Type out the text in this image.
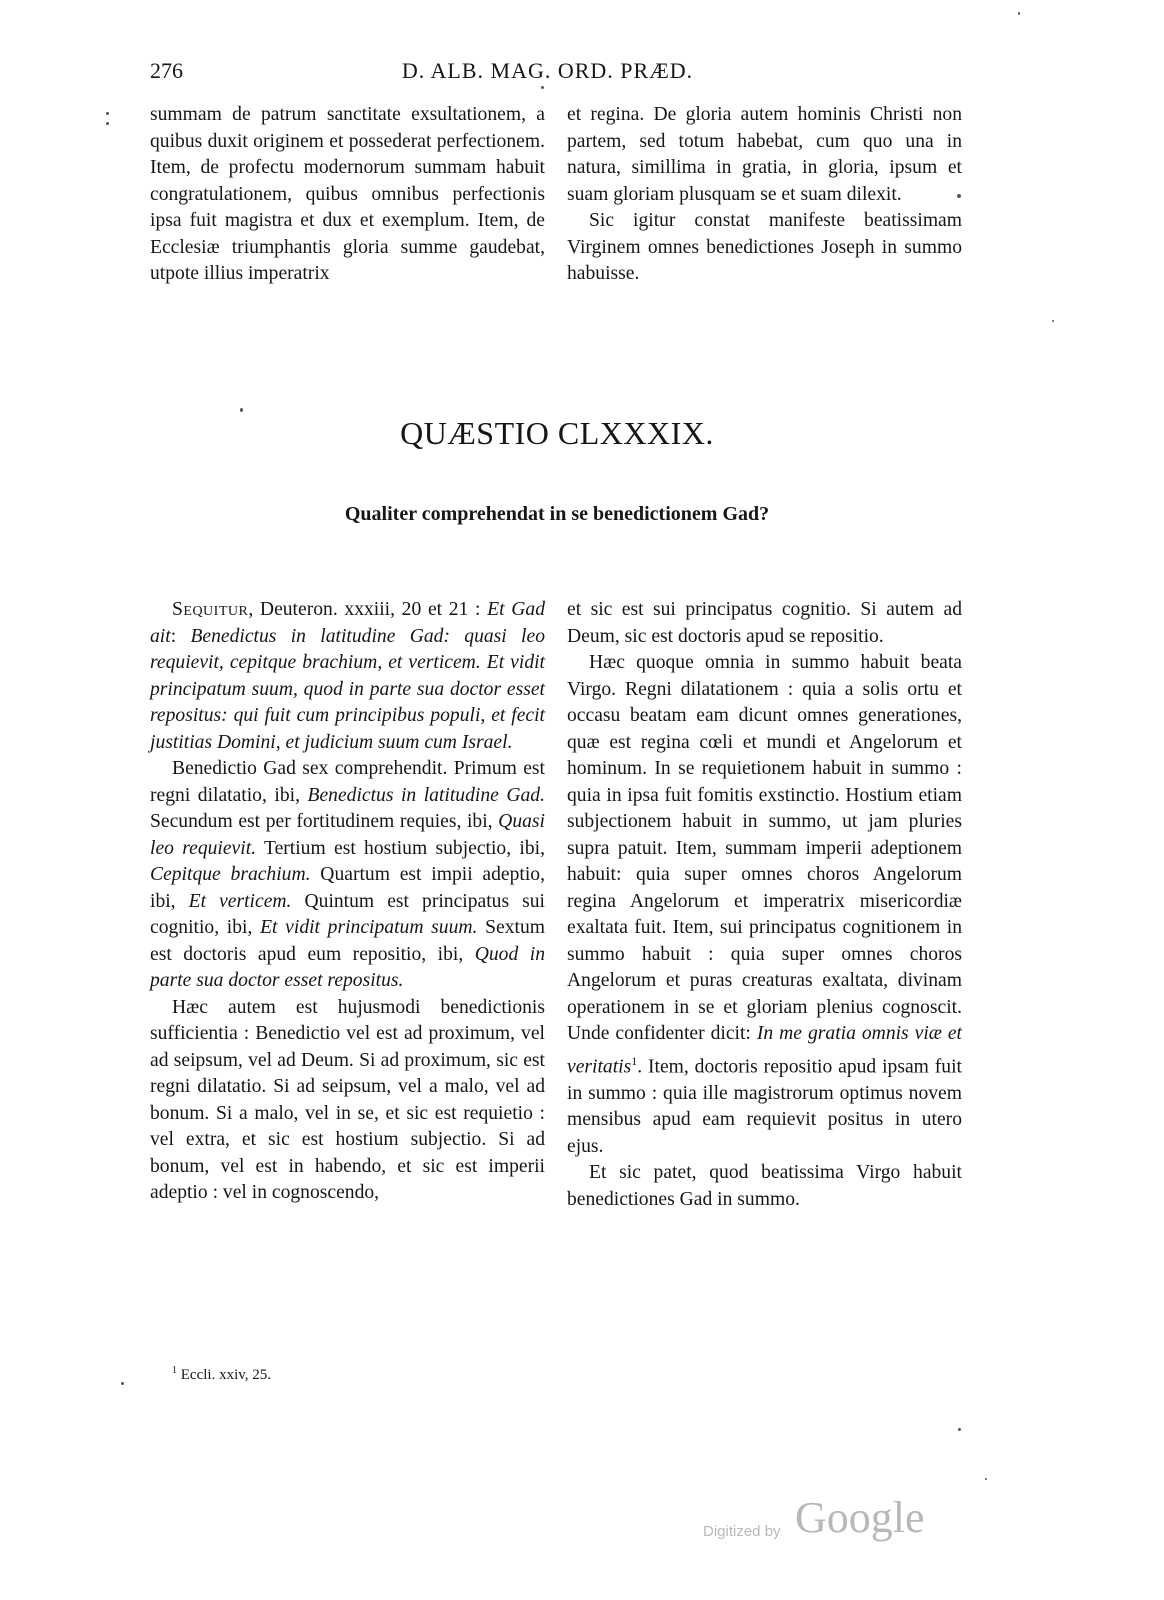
276	D. ALB. MAG. ORD. PRÆD.

summam de patrum sanctitate exsultationem, a quibus duxit originem et possederat perfectionem. Item, de profectu modernorum summam habuit congratulationem, quibus omnibus perfectionis ipsa fuit magistra et dux et exemplum. Item, de Ecclesiæ triumphantis gloria summe gaudebat, utpote illius imperatrix

et regina. De gloria autem hominis Christi non partem, sed totum habebat, cum quo una in natura, simillima in gratia, in gloria, ipsum et suam gloriam plusquam se et suam dilexit.

Sic igitur constat manifeste beatissimam Virginem omnes benedictiones Joseph in summo habuisse.

QUÆSTIO CLXXXIX.
Qualiter comprehendat in se benedictionem Gad?

Sequitur, Deuteron. xxxiii, 20 et 21 : Et Gad ait: Benedictus in latitudine Gad: quasi leo requievit, cepitque brachium, et verticem. Et vidit principatum suum, quod in parte sua doctor esset repositus: qui fuit cum principibus populi, et fecit justitias Domini, et judicium suum cum Israel.

Benedictio Gad sex comprehendit. Primum est regni dilatatio, ibi, Benedictus in latitudine Gad. Secundum est per fortitudinem requies, ibi, Quasi leo requievit. Tertium est hostium subjectio, ibi, Cepitque brachium. Quartum est impii adeptio, ibi, Et verticem. Quintum est principatus sui cognitio, ibi, Et vidit principatum suum. Sextum est doctoris apud eum repositio, ibi, Quod in parte sua doctor esset repositus.

Hæc autem est hujusmodi benedictionis sufficientia : Benedictio vel est ad proximum, vel ad seipsum, vel ad Deum. Si ad proximum, sic est regni dilatatio. Si ad seipsum, vel a malo, vel ad bonum. Si a malo, vel in se, et sic est requietio : vel extra, et sic est hostium subjectio. Si ad bonum, vel est in habendo, et sic est imperii adeptio : vel in cognoscendo,

et sic est sui principatus cognitio. Si autem ad Deum, sic est doctoris apud se repositio.

Hæc quoque omnia in summo habuit beata Virgo. Regni dilatationem : quia a solis ortu et occasu beatam eam dicunt omnes generationes, quæ est regina cœli et mundi et Angelorum et hominum. In se requietionem habuit in summo : quia in ipsa fuit fomitis exstinctio. Hostium etiam subjectionem habuit in summo, ut jam pluries supra patuit. Item, summam imperii adeptionem habuit: quia super omnes choros Angelorum regina Angelorum et imperatrix misericordiæ exaltata fuit. Item, sui principatus cognitionem in summo habuit : quia super omnes choros Angelorum et puras creaturas exaltata, divinam operationem in se et gloriam plenius cognoscit. Unde confidenter dicit: In me gratia omnis viæ et veritatis$^1$. Item, doctoris repositio apud ipsam fuit in summo : quia ille magistrorum optimus novem mensibus apud eam requievit positus in utero ejus.

Et sic patet, quod beatissima Virgo habuit benedictiones Gad in summo.

$^1$ Eccli. xxiv, 25.
Digitized by Google
